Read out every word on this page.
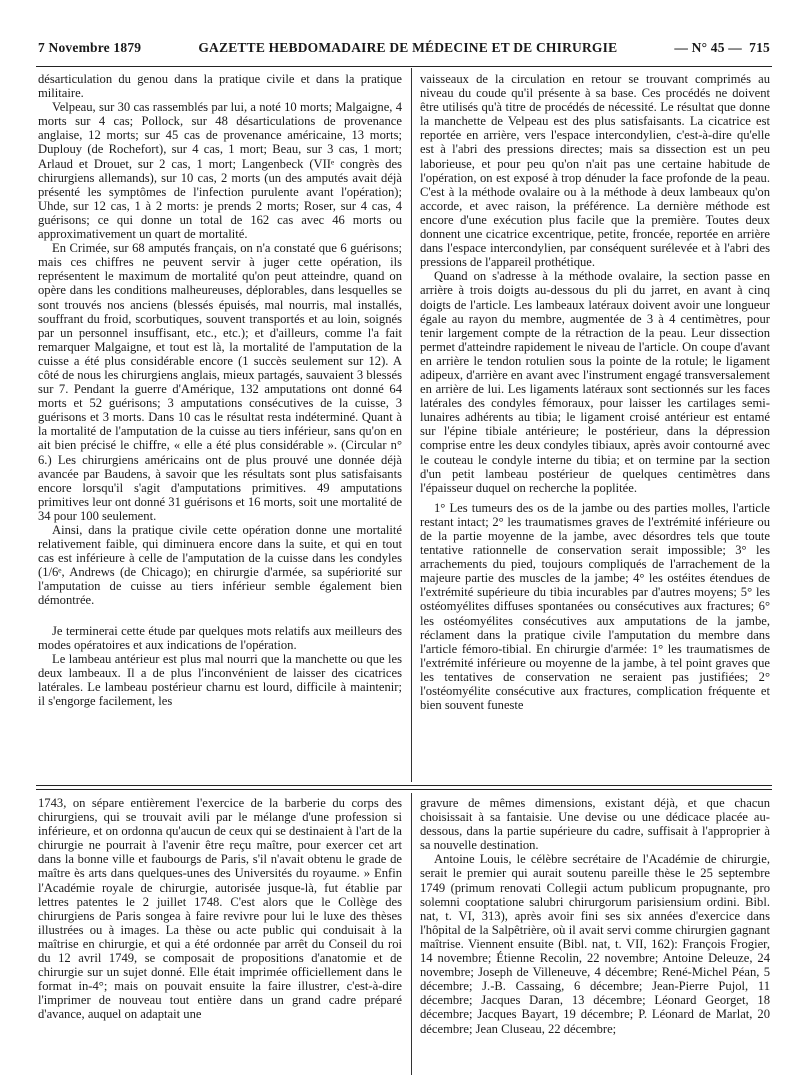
7 Novembre 1879	GAZETTE HEBDOMADAIRE DE MÉDECINE ET DE CHIRURGIE	— N° 45 — 715

désarticulation du genou dans la pratique civile et dans la pratique militaire.

Velpeau, sur 30 cas rassemblés par lui, a noté 10 morts; Malgaigne, 4 morts sur 4 cas; Pollock, sur 48 désarticulations de provenance anglaise, 12 morts; sur 45 cas de provenance américaine, 13 morts; Duplouy (de Rochefort), sur 4 cas, 1 mort; Beau, sur 3 cas, 1 mort; Arlaud et Drouet, sur 2 cas, 1 mort; Langenbeck (VIIᵉ congrès des chirurgiens allemands), sur 10 cas, 2 morts (un des amputés avait déjà présenté les symptômes de l'infection purulente avant l'opération); Uhde, sur 12 cas, 1 à 2 morts: je prends 2 morts; Roser, sur 4 cas, 4 guérisons; ce qui donne un total de 162 cas avec 46 morts ou approximativement un quart de mortalité.

En Crimée, sur 68 amputés français, on n'a constaté que 6 guérisons; mais ces chiffres ne peuvent servir à juger cette opération, ils représentent le maximum de mortalité qu'on peut atteindre, quand on opère dans les conditions malheureuses, déplorables, dans lesquelles se sont trouvés nos anciens (blessés épuisés, mal nourris, mal installés, souffrant du froid, scorbutiques, souvent transportés et au loin, soignés par un personnel insuffisant, etc., etc.); et d'ailleurs, comme l'a fait remarquer Malgaigne, et tout est là, la mortalité de l'amputation de la cuisse a été plus considérable encore (1 succès seulement sur 12). A côté de nous les chirurgiens anglais, mieux partagés, sauvaient 3 blessés sur 7. Pendant la guerre d'Amérique, 132 amputations ont donné 64 morts et 52 guérisons; 3 amputations consécutives de la cuisse, 3 guérisons et 3 morts. Dans 10 cas le résultat resta indéterminé. Quant à la mortalité de l'amputation de la cuisse au tiers inférieur, sans qu'on en ait bien précisé le chiffre, « elle a été plus considérable ». (Circular n° 6.) Les chirurgiens américains ont de plus prouvé une donnée déjà avancée par Baudens, à savoir que les résultats sont plus satisfaisants encore lorsqu'il s'agit d'amputations primitives. 49 amputations primitives leur ont donné 31 guérisons et 16 morts, soit une mortalité de 34 pour 100 seulement.

Ainsi, dans la pratique civile cette opération donne une mortalité relativement faible, qui diminuera encore dans la suite, et qui en tout cas est inférieure à celle de l'amputation de la cuisse dans les condyles (1/6ᵉ, Andrews (de Chicago); en chirurgie d'armée, sa supériorité sur l'amputation de cuisse au tiers inférieur semble également bien démontrée.

Je terminerai cette étude par quelques mots relatifs aux meilleurs des modes opératoires et aux indications de l'opération.

Le lambeau antérieur est plus mal nourri que la manchette ou que les deux lambeaux. Il a de plus l'inconvénient de laisser des cicatrices latérales. Le lambeau postérieur charnu est lourd, difficile à maintenir; il s'engorge facilement, les

vaisseaux de la circulation en retour se trouvant comprimés au niveau du coude qu'il présente à sa base. Ces procédés ne doivent être utilisés qu'à titre de procédés de nécessité. Le résultat que donne la manchette de Velpeau est des plus satisfaisants. La cicatrice est reportée en arrière, vers l'espace intercondylien, c'est-à-dire qu'elle est à l'abri des pressions directes; mais sa dissection est un peu laborieuse, et pour peu qu'on n'ait pas une certaine habitude de l'opération, on est exposé à trop dénuder la face profonde de la peau. C'est à la méthode ovalaire ou à la méthode à deux lambeaux qu'on accorde, et avec raison, la préférence. La dernière méthode est encore d'une exécution plus facile que la première. Toutes deux donnent une cicatrice excentrique, petite, froncée, reportée en arrière dans l'espace intercondylien, par conséquent surélevée et à l'abri des pressions de l'appareil prothétique.

Quand on s'adresse à la méthode ovalaire, la section passe en arrière à trois doigts au-dessous du pli du jarret, en avant à cinq doigts de l'article. Les lambeaux latéraux doivent avoir une longueur égale au rayon du membre, augmentée de 3 à 4 centimètres, pour tenir largement compte de la rétraction de la peau. Leur dissection permet d'atteindre rapidement le niveau de l'article. On coupe d'avant en arrière le tendon rotulien sous la pointe de la rotule; le ligament adipeux, d'arrière en avant avec l'instrument engagé transversalement en arrière de lui. Les ligaments latéraux sont sectionnés sur les faces latérales des condyles fémoraux, pour laisser les cartilages semi-lunaires adhérents au tibia; le ligament croisé antérieur est entamé sur l'épine tibiale antérieure; le postérieur, dans la dépression comprise entre les deux condyles tibiaux, après avoir contourné avec le couteau le condyle interne du tibia; et on termine par la section d'un petit lambeau postérieur de quelques centimètres dans l'épaisseur duquel on recherche la poplitée.

1° Les tumeurs des os de la jambe ou des parties molles, l'article restant intact; 2° les traumatismes graves de l'extrémité inférieure ou de la partie moyenne de la jambe, avec désordres tels que toute tentative rationnelle de conservation serait impossible; 3° les arrachements du pied, toujours compliqués de l'arrachement de la majeure partie des muscles de la jambe; 4° les ostéites étendues de l'extrémité supérieure du tibia incurables par d'autres moyens; 5° les ostéomyélites diffuses spontanées ou consécutives aux fractures; 6° les ostéomyélites consécutives aux amputations de la jambe, réclament dans la pratique civile l'amputation du membre dans l'article fémoro-tibial. En chirurgie d'armée: 1° les traumatismes de l'extrémité inférieure ou moyenne de la jambe, à tel point graves que les tentatives de conservation ne seraient pas justifiées; 2° l'ostéomyélite consécutive aux fractures, complication fréquente et bien souvent funeste

1743, on sépare entièrement l'exercice de la barberie du corps des chirurgiens, qui se trouvait avili par le mélange d'une profession si inférieure, et on ordonna qu'aucun de ceux qui se destinaient à l'art de la chirurgie ne pourrait à l'avenir être reçu maître, pour exercer cet art dans la bonne ville et faubourgs de Paris, s'il n'avait obtenu le grade de maître ès arts dans quelques-unes des Universités du royaume. » Enfin l'Académie royale de chirurgie, autorisée jusque-là, fut établie par lettres patentes le 2 juillet 1748. C'est alors que le Collège des chirurgiens de Paris songea à faire revivre pour lui le luxe des thèses illustrées ou à images. La thèse ou acte public qui conduisait à la maîtrise en chirurgie, et qui a été ordonnée par arrêt du Conseil du roi du 12 avril 1749, se composait de propositions d'anatomie et de chirurgie sur un sujet donné. Elle était imprimée officiellement dans le format in-4°; mais on pouvait ensuite la faire illustrer, c'est-à-dire l'imprimer de nouveau tout entière dans un grand cadre préparé d'avance, auquel on adaptait une

gravure de mêmes dimensions, existant déjà, et que chacun choisissait à sa fantaisie. Une devise ou une dédicace placée au-dessous, dans la partie supérieure du cadre, suffisait à l'approprier à sa nouvelle destination.

Antoine Louis, le célèbre secrétaire de l'Académie de chirurgie, serait le premier qui aurait soutenu pareille thèse le 25 septembre 1749 (primum renovati Collegii actum publicum propugnante, pro solemni cooptatione salubri chirurgorum parisiensium ordini. Bibl. nat, t. VI, 313), après avoir fini ses six années d'exercice dans l'hôpital de la Salpêtrière, où il avait servi comme chirurgien gagnant maîtrise. Viennent ensuite (Bibl. nat, t. VII, 162): François Frogier, 14 novembre; Étienne Recolin, 22 novembre; Antoine Deleuze, 24 novembre; Joseph de Villeneuve, 4 décembre; René-Michel Péan, 5 décembre; J.-B. Cassaing, 6 décembre; Jean-Pierre Pujol, 11 décembre; Jacques Daran, 13 décembre; Léonard Georget, 18 décembre; Jacques Bayart, 19 décembre; P. Léonard de Marlat, 20 décembre; Jean Cluseau, 22 décembre;
